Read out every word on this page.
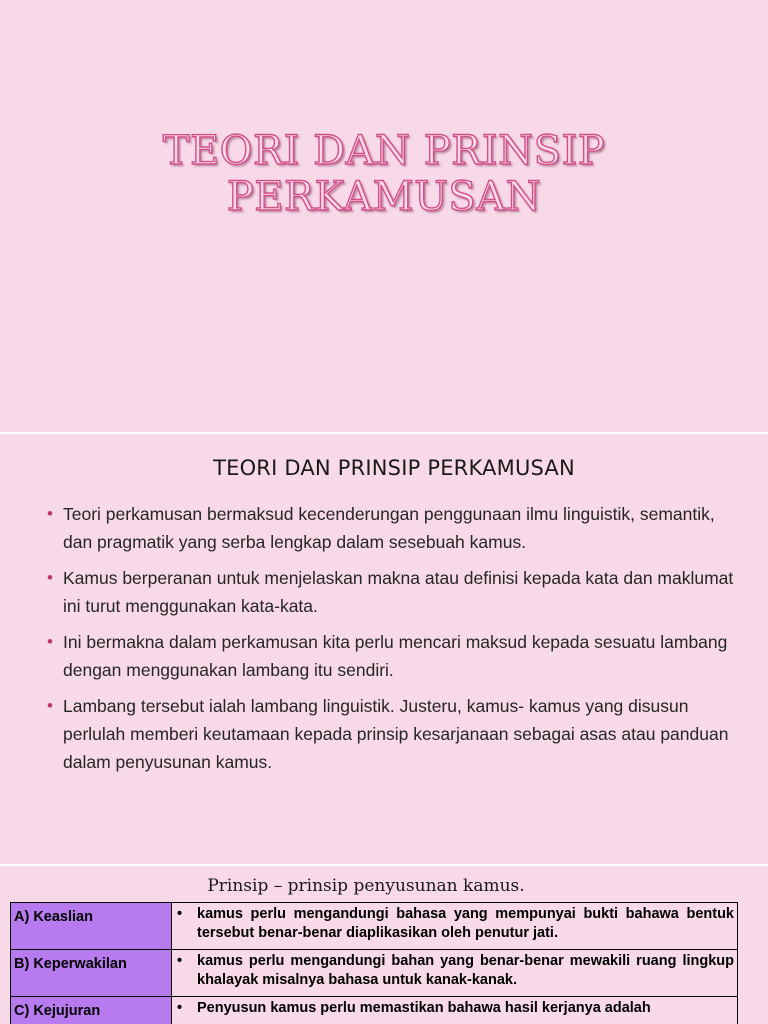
TEORI DAN PRINSIP
PERKAMUSAN
TEORI DAN PRINSIP PERKAMUSAN
• Teori perkamusan bermaksud kecenderungan penggunaan ilmu linguistik, semantik, dan pragmatik yang serba lengkap dalam sesebuah kamus.
• Kamus berperanan untuk menjelaskan makna atau definisi kepada kata dan maklumat ini turut menggunakan kata-kata.
• Ini bermakna dalam perkamusan kita perlu mencari maksud kepada sesuatu lambang dengan menggunakan lambang itu sendiri.
• Lambang tersebut ialah lambang linguistik. Justeru, kamus- kamus yang disusun perlulah memberi keutamaan kepada prinsip kesarjanaan sebagai asas atau panduan dalam penyusunan kamus.
Prinsip – prinsip penyusunan kamus.
A) Keaslian	• kamus perlu mengandungi bahasa yang mempunyai bukti bahawa bentuk tersebut benar-benar diaplikasikan oleh penutur jati.

B) Keperwakilan	• kamus perlu mengandungi bahan yang benar-benar mewakili ruang lingkup khalayak misalnya bahasa untuk kanak-kanak.

C) Kejujuran	• Penyusun kamus perlu memastikan bahawa hasil kerjanya adalah
